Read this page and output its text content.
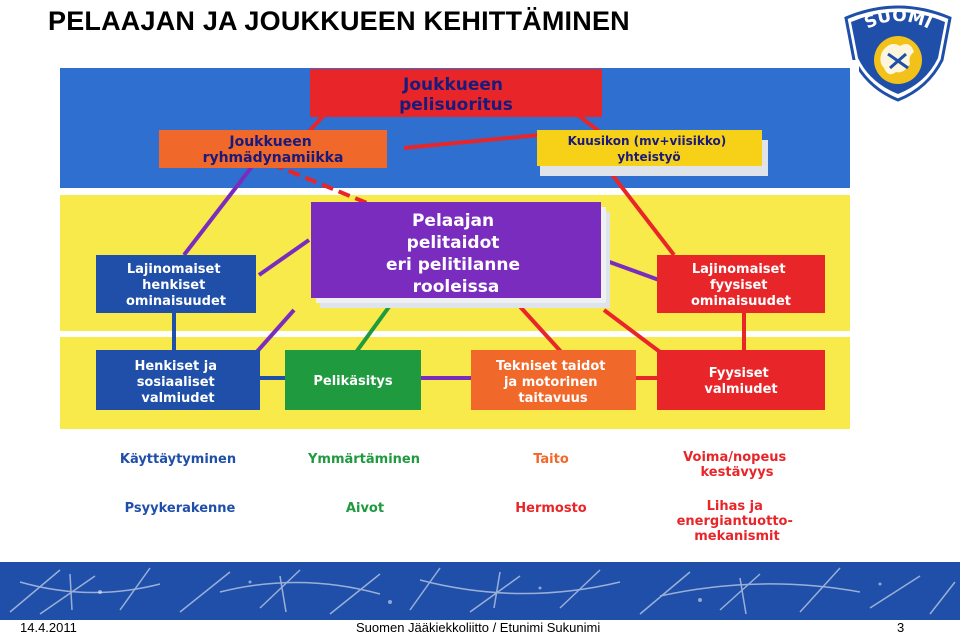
PELAAJAN JA JOUKKUEEN KEHITTÄMINEN	SUOMI
Joukkueen pelisuoritus
Joukkueen ryhmädynamiikka
Kuusikon (mv+viisikko) yhteistyö
Pelaajan pelitaidot eri pelitilanne rooleissa
Lajinomaiset henkiset ominaisuudet
Lajinomaiset fyysiset ominaisuudet
Henkiset ja sosiaaliset valmiudet
Pelikäsitys
Tekniset taidot ja motorinen taitavuus
Fyysiset valmiudet
Käyttäytyminen	Ymmärtäminen	Taito	Voima/nopeus kestävyys
Psyykerakenne	Aivot	Hermosto	Lihas ja energiantuotto- mekanismit
14.4.2011	Suomen Jääkiekkoliitto / Etunimi Sukunimi	3
